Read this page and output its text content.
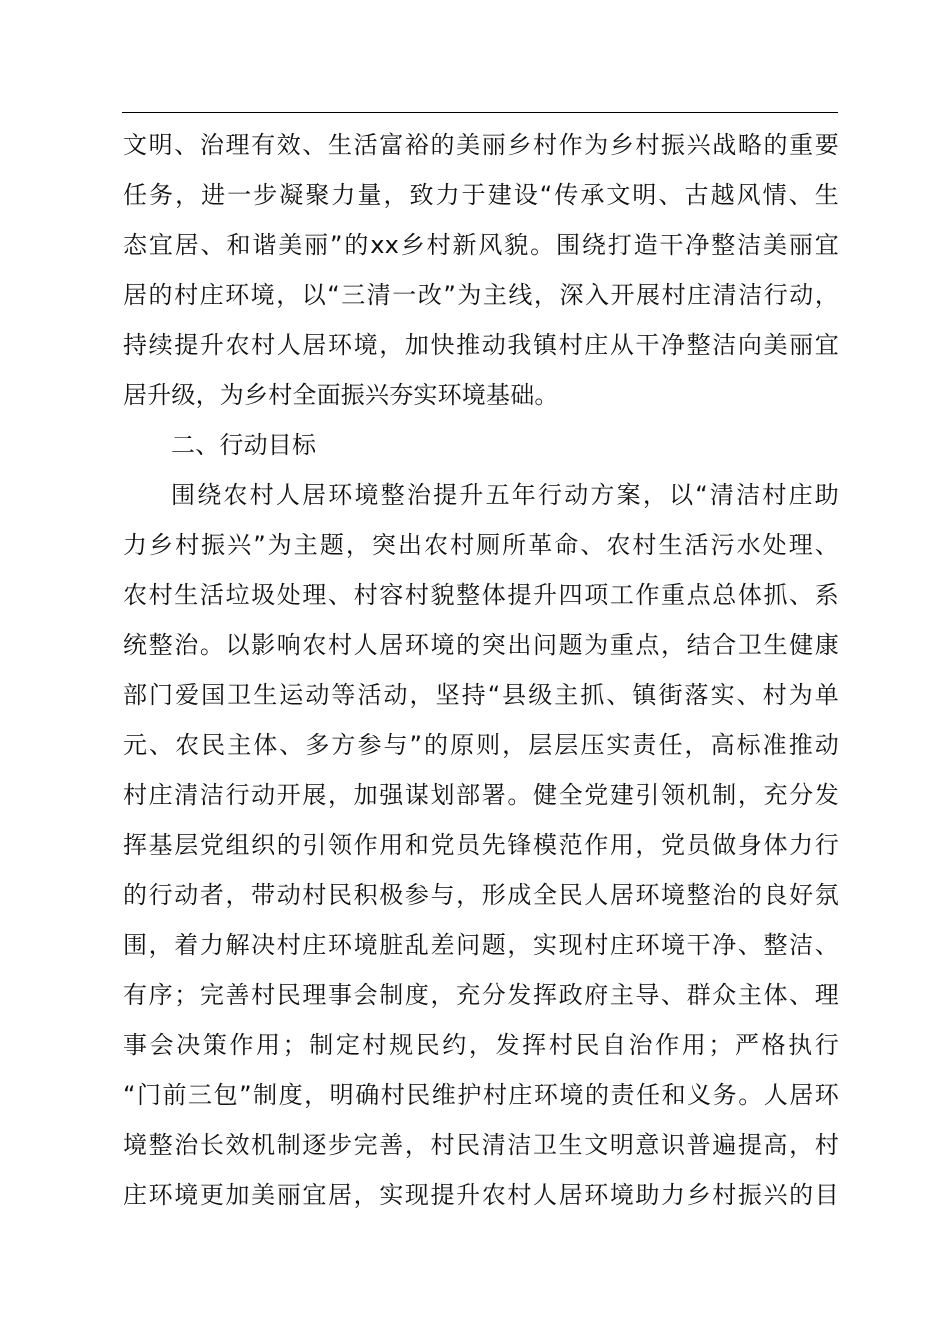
文明、治理有效、生活富裕的美丽乡村作为乡村振兴战略的重要
任务，进一步凝聚力量，致力于建设“传承文明、古越风情、生
态宜居、和谐美丽”的xx乡村新风貌。围绕打造干净整洁美丽宜
居的村庄环境，以“三清一改”为主线，深入开展村庄清洁行动，
持续提升农村人居环境，加快推动我镇村庄从干净整洁向美丽宜
居升级，为乡村全面振兴夯实环境基础。
二、行动目标
围绕农村人居环境整治提升五年行动方案，以“清洁村庄助
力乡村振兴”为主题，突出农村厕所革命、农村生活污水处理、
农村生活垃圾处理、村容村貌整体提升四项工作重点总体抓、系
统整治。以影响农村人居环境的突出问题为重点，结合卫生健康
部门爱国卫生运动等活动，坚持“县级主抓、镇街落实、村为单
元、农民主体、多方参与”的原则，层层压实责任，高标准推动
村庄清洁行动开展，加强谋划部署。健全党建引领机制，充分发
挥基层党组织的引领作用和党员先锋模范作用，党员做身体力行
的行动者，带动村民积极参与，形成全民人居环境整治的良好氛
围，着力解决村庄环境脏乱差问题，实现村庄环境干净、整洁、
有序；完善村民理事会制度，充分发挥政府主导、群众主体、理
事会决策作用；制定村规民约，发挥村民自治作用；严格执行
“门前三包”制度，明确村民维护村庄环境的责任和义务。人居环
境整治长效机制逐步完善，村民清洁卫生文明意识普遍提高，村
庄环境更加美丽宜居，实现提升农村人居环境助力乡村振兴的目
